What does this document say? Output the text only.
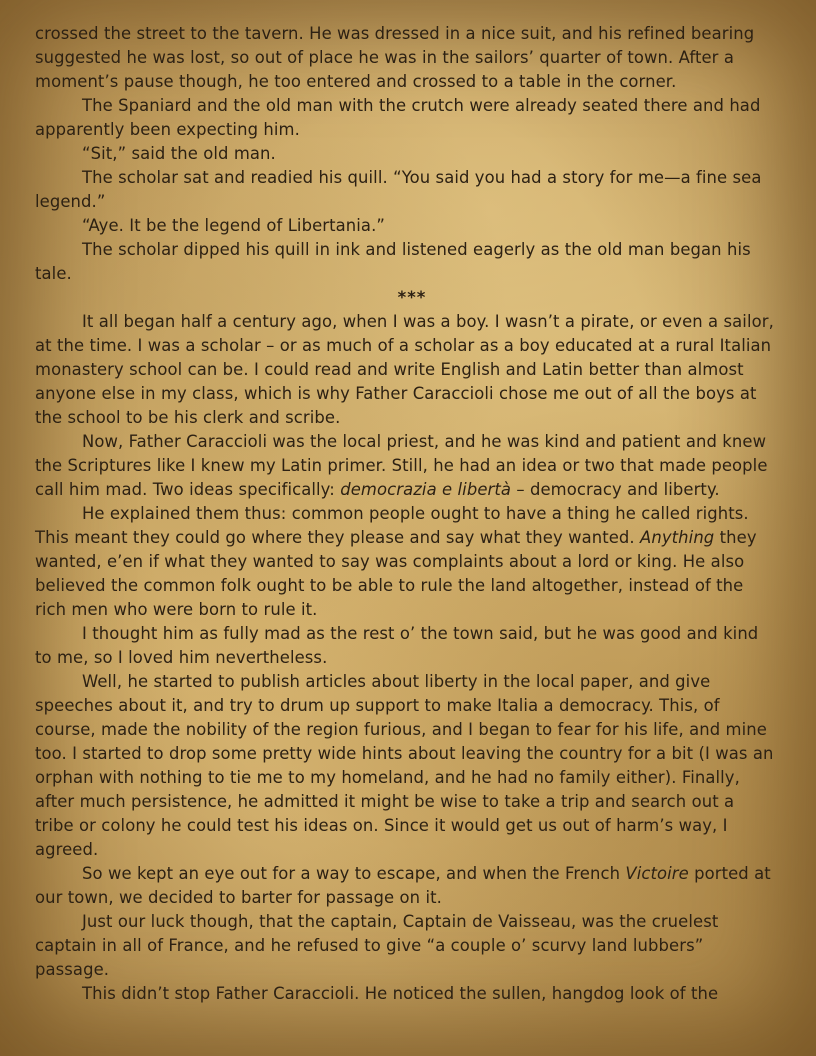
crossed the street to the tavern. He was dressed in a nice suit, and his refined bearing suggested he was lost, so out of place he was in the sailors’ quarter of town. After a moment’s pause though, he too entered and crossed to a table in the corner.

The Spaniard and the old man with the crutch were already seated there and had apparently been expecting him.

“Sit,” said the old man.

The scholar sat and readied his quill. “You said you had a story for me—a fine sea legend.”

“Aye. It be the legend of Libertania.”

The scholar dipped his quill in ink and listened eagerly as the old man began his tale.

***

It all began half a century ago, when I was a boy. I wasn’t a pirate, or even a sailor, at the time. I was a scholar – or as much of a scholar as a boy educated at a rural Italian monastery school can be. I could read and write English and Latin better than almost anyone else in my class, which is why Father Caraccioli chose me out of all the boys at the school to be his clerk and scribe.

Now, Father Caraccioli was the local priest, and he was kind and patient and knew the Scriptures like I knew my Latin primer. Still, he had an idea or two that made people call him mad. Two ideas specifically: democrazia e libertà – democracy and liberty.

He explained them thus: common people ought to have a thing he called rights. This meant they could go where they please and say what they wanted. Anything they wanted, e’en if what they wanted to say was complaints about a lord or king. He also believed the common folk ought to be able to rule the land altogether, instead of the rich men who were born to rule it.

I thought him as fully mad as the rest o’ the town said, but he was good and kind to me, so I loved him nevertheless.

Well, he started to publish articles about liberty in the local paper, and give speeches about it, and try to drum up support to make Italia a democracy. This, of course, made the nobility of the region furious, and I began to fear for his life, and mine too. I started to drop some pretty wide hints about leaving the country for a bit (I was an orphan with nothing to tie me to my homeland, and he had no family either). Finally, after much persistence, he admitted it might be wise to take a trip and search out a tribe or colony he could test his ideas on. Since it would get us out of harm’s way, I agreed.

So we kept an eye out for a way to escape, and when the French Victoire ported at our town, we decided to barter for passage on it.

Just our luck though, that the captain, Captain de Vaisseau, was the cruelest captain in all of France, and he refused to give “a couple o’ scurvy land lubbers” passage.

This didn’t stop Father Caraccioli. He noticed the sullen, hangdog look of the
